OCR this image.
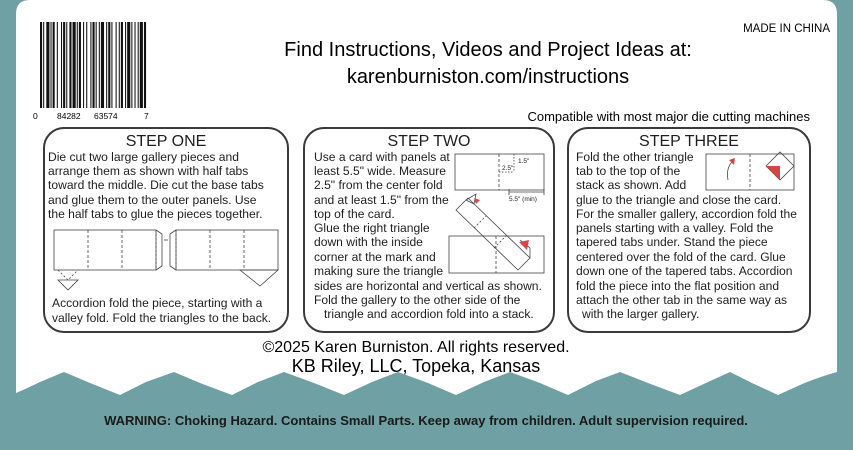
0 84282 63574	7
MADE IN CHINA
Find Instructions, Videos and Project Ideas at:
karenburniston.com/instructions
Compatible with most major die cutting machines
STEP ONE
Die cut two large gallery pieces and
arrange them as shown with half tabs
toward the middle. Die cut the base tabs
and glue them to the outer panels. Use
the half tabs to glue the pieces together.
Accordion fold the piece, starting with a
valley fold. Fold the triangles to the back.
STEP TWO
Use a card with panels at
least 5.5" wide. Measure
2.5" from the center fold
and at least 1.5" from the
top of the card.
Glue the right triangle
down with the inside
corner at the mark and
making sure the triangle
sides are horizontal and vertical as shown.
Fold the gallery to the other side of the
triangle and accordion fold into a stack.
1.5"
2.5"
5.5" (min)
STEP THREE
Fold the other triangle
tab to the top of the
stack as shown. Add
glue to the triangle and close the card.
For the smaller gallery, accordion fold the
panels starting with a valley. Fold the
tapered tabs under. Stand the piece
centered over the fold of the card. Glue
down one of the tapered tabs. Accordion
fold the piece into the flat position and
attach the other tab in the same way as
with the larger gallery.
©2025 Karen Burniston. All rights reserved.
KB Riley, LLC, Topeka, Kansas
WARNING: Choking Hazard. Contains Small Parts. Keep away from children. Adult supervision required.
